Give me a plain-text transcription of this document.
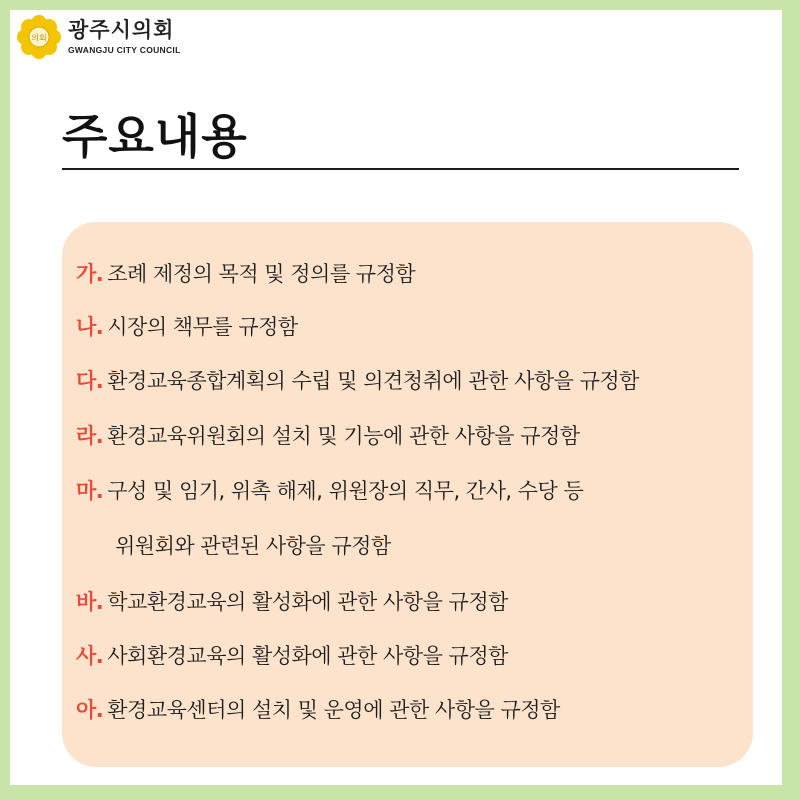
의회 광주시의회
GWANGJU CITY COUNCIL
주요내용
가. 조례 제정의 목적 및 정의를 규정함
나. 시장의 책무를 규정함
다. 환경교육종합계획의 수립 및 의견청취에 관한 사항을 규정함
라. 환경교육위원회의 설치 및 기능에 관한 사항을 규정함
마. 구성 및 임기, 위촉 해제, 위원장의 직무, 간사, 수당 등
위원회와 관련된 사항을 규정함
바. 학교환경교육의 활성화에 관한 사항을 규정함
사. 사회환경교육의 활성화에 관한 사항을 규정함
아. 환경교육센터의 설치 및 운영에 관한 사항을 규정함
